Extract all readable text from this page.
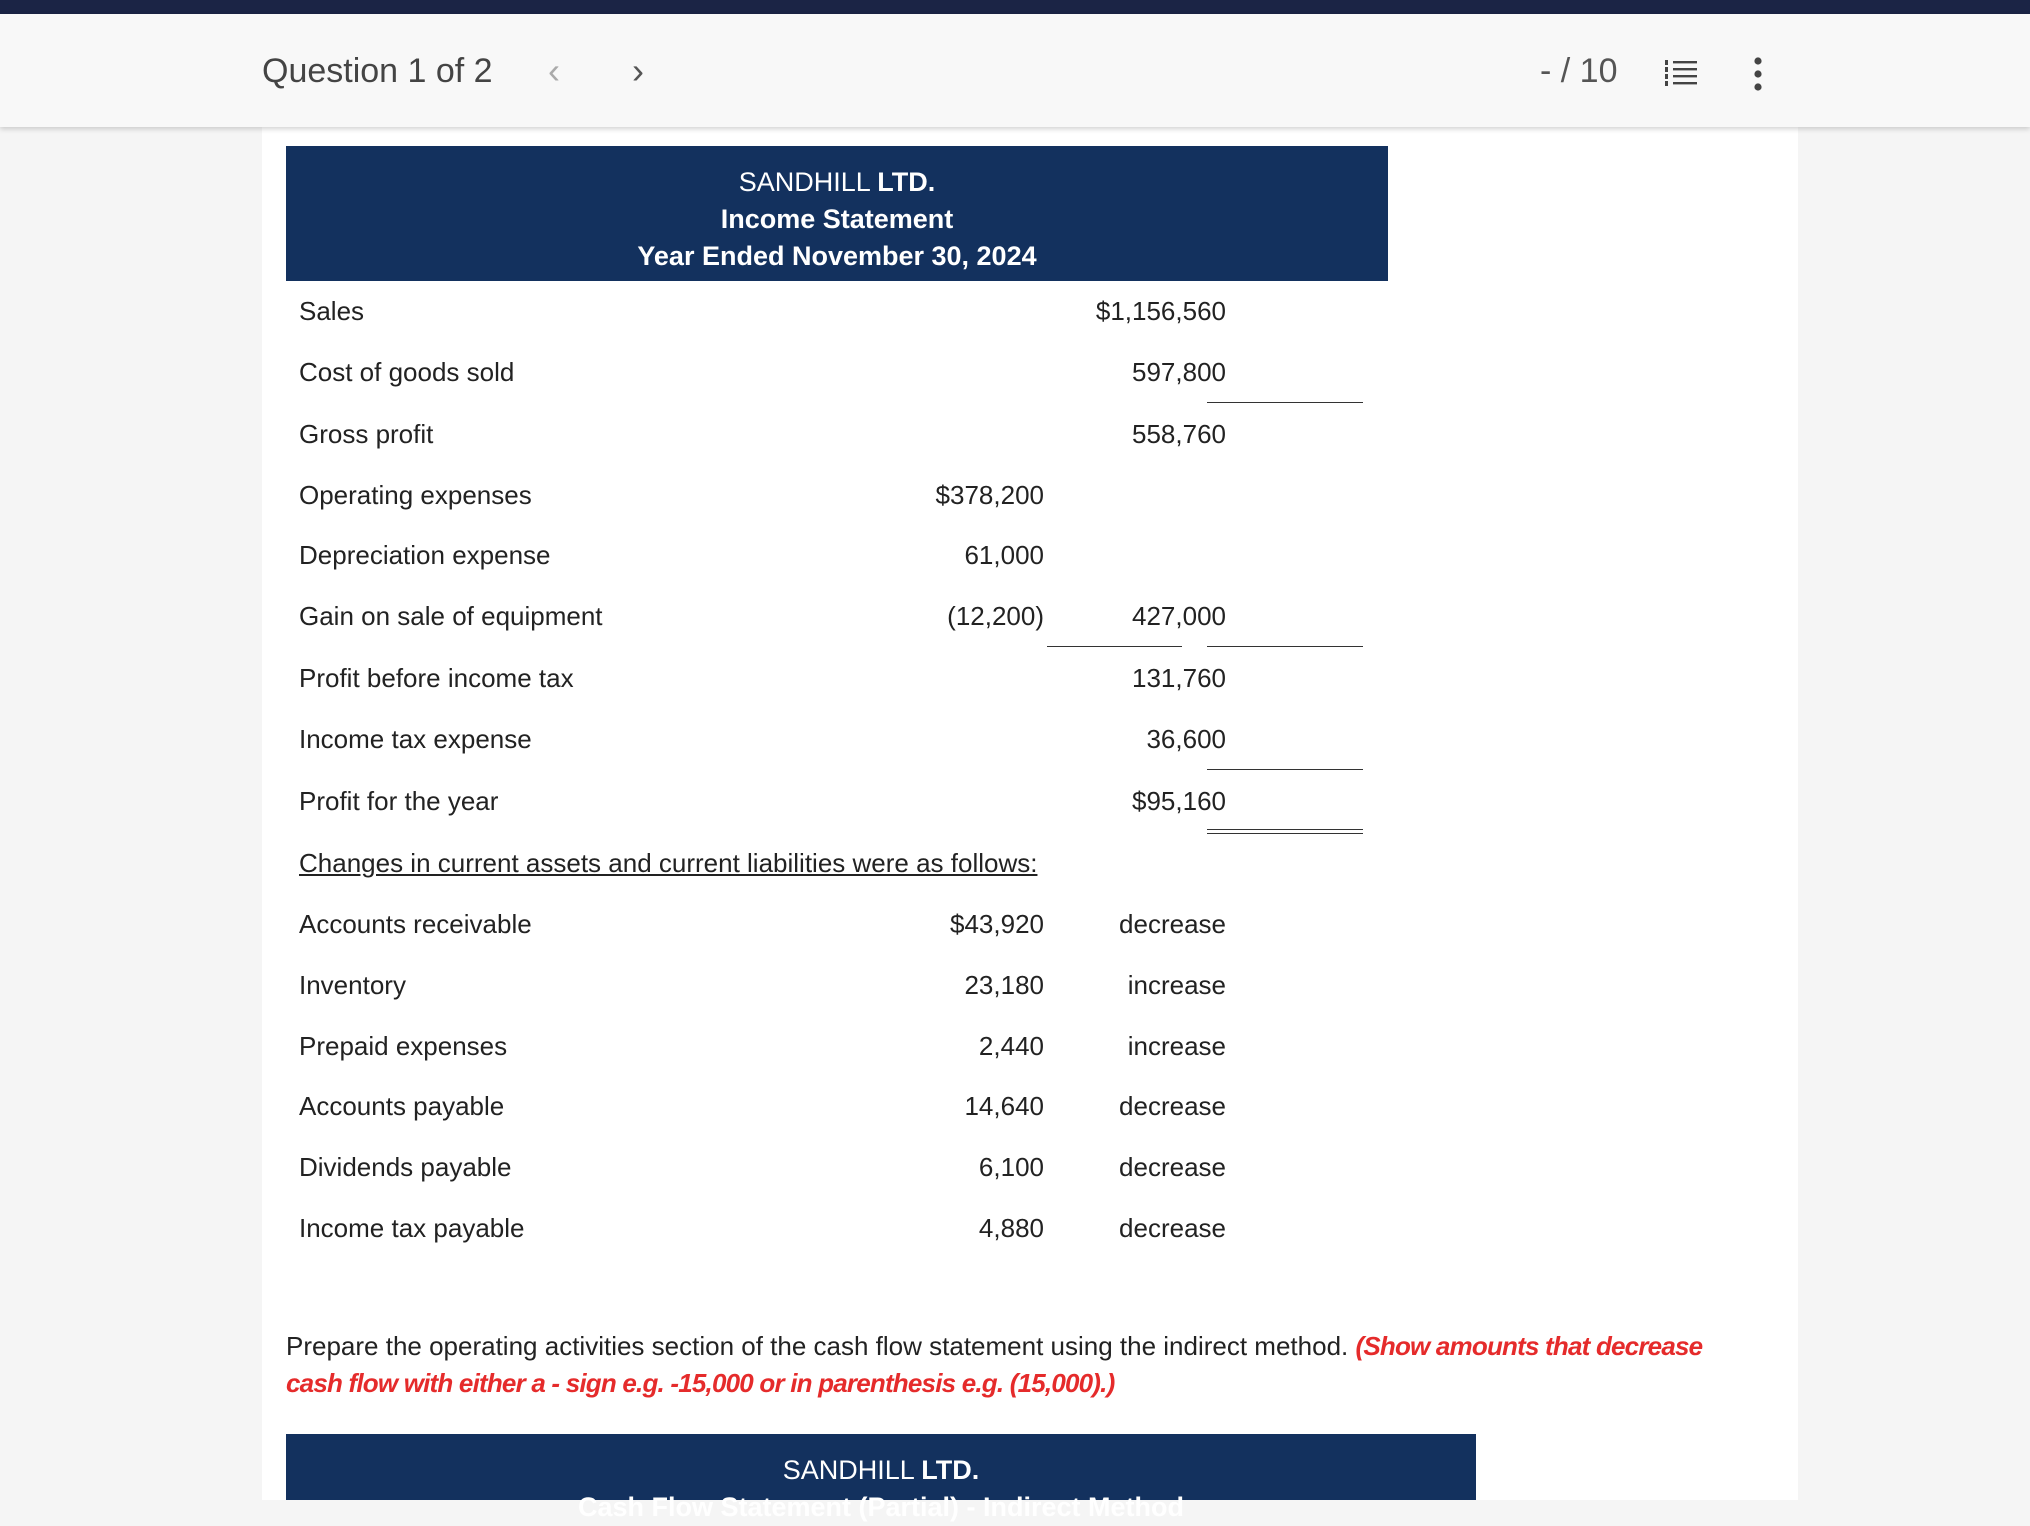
Question 1 of 2 ‹ ›	- / 10
SANDHILL LTD.
Income Statement
Year Ended November 30, 2024
Sales	$1,156,560
Cost of goods sold	597,800
Gross profit	558,760
Operating expenses	$378,200
Depreciation expense	61,000
Gain on sale of equipment	(12,200)	427,000
Profit before income tax	131,760
Income tax expense	36,600
Profit for the year	$95,160
Changes in current assets and current liabilities were as follows:
Accounts receivable	$43,920	decrease
Inventory	23,180	increase
Prepaid expenses	2,440	increase
Accounts payable	14,640	decrease
Dividends payable	6,100	decrease
Income tax payable	4,880	decrease
Prepare the operating activities section of the cash flow statement using the indirect method. (Show amounts that decrease cash flow with either a - sign e.g. -15,000 or in parenthesis e.g. (15,000).)
SANDHILL LTD.
Cash Flow Statement (Partial) - Indirect Method
